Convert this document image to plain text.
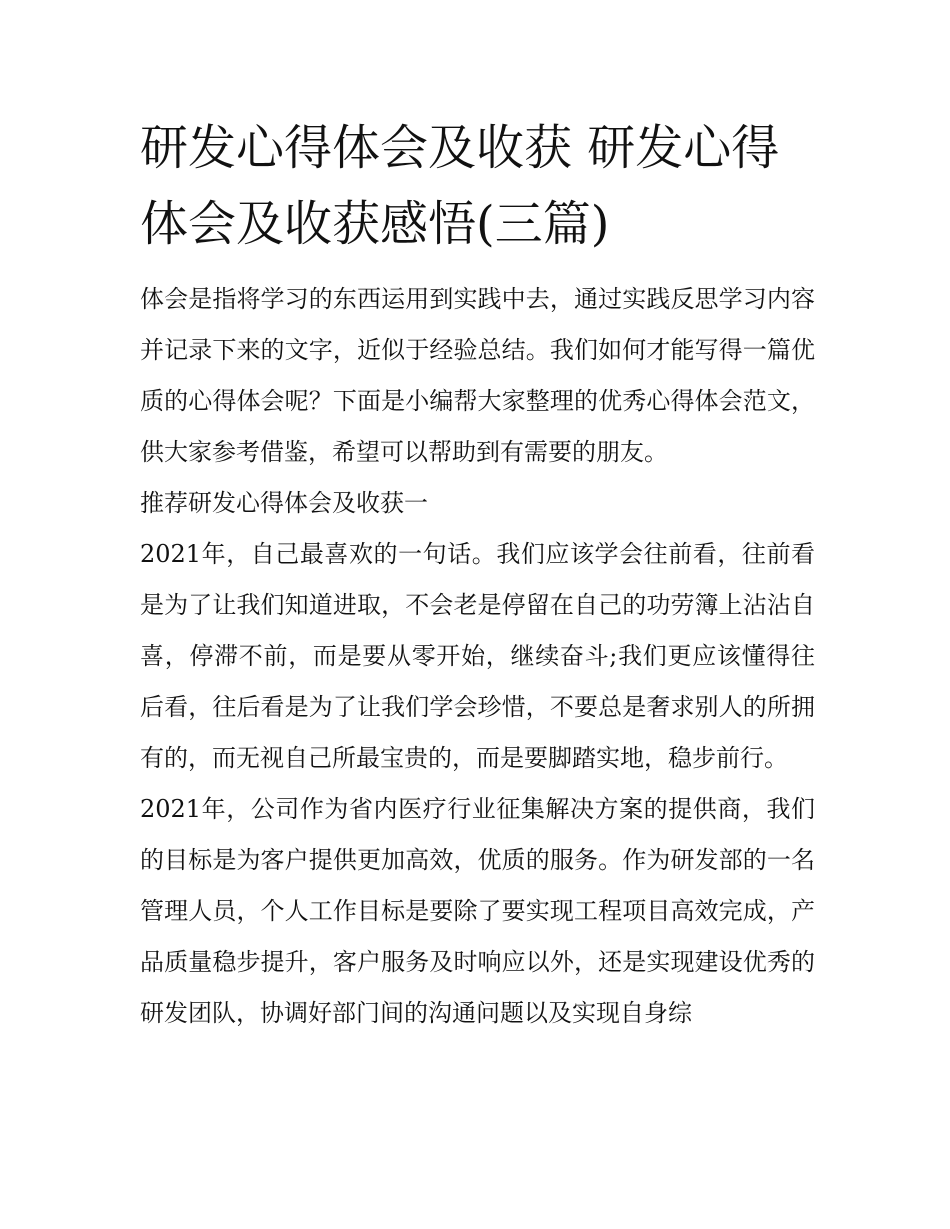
研发心得体会及收获 研发心得体会及收获感悟(三篇)

体会是指将学习的东西运用到实践中去，通过实践反思学习内容并记录下来的文字，近似于经验总结。我们如何才能写得一篇优质的心得体会呢？下面是小编帮大家整理的优秀心得体会范文，供大家参考借鉴，希望可以帮助到有需要的朋友。

推荐研发心得体会及收获一

2021年，自己最喜欢的一句话。我们应该学会往前看，往前看是为了让我们知道进取，不会老是停留在自己的功劳簿上沾沾自喜，停滞不前，而是要从零开始，继续奋斗;我们更应该懂得往后看，往后看是为了让我们学会珍惜，不要总是奢求别人的所拥有的，而无视自己所最宝贵的，而是要脚踏实地，稳步前行。

2021年，公司作为省内医疗行业征集解决方案的提供商，我们的目标是为客户提供更加高效，优质的服务。作为研发部的一名管理人员，个人工作目标是要除了要实现工程项目高效完成，产品质量稳步提升，客户服务及时响应以外，还是实现建设优秀的研发团队，协调好部门间的沟通问题以及实现自身综
